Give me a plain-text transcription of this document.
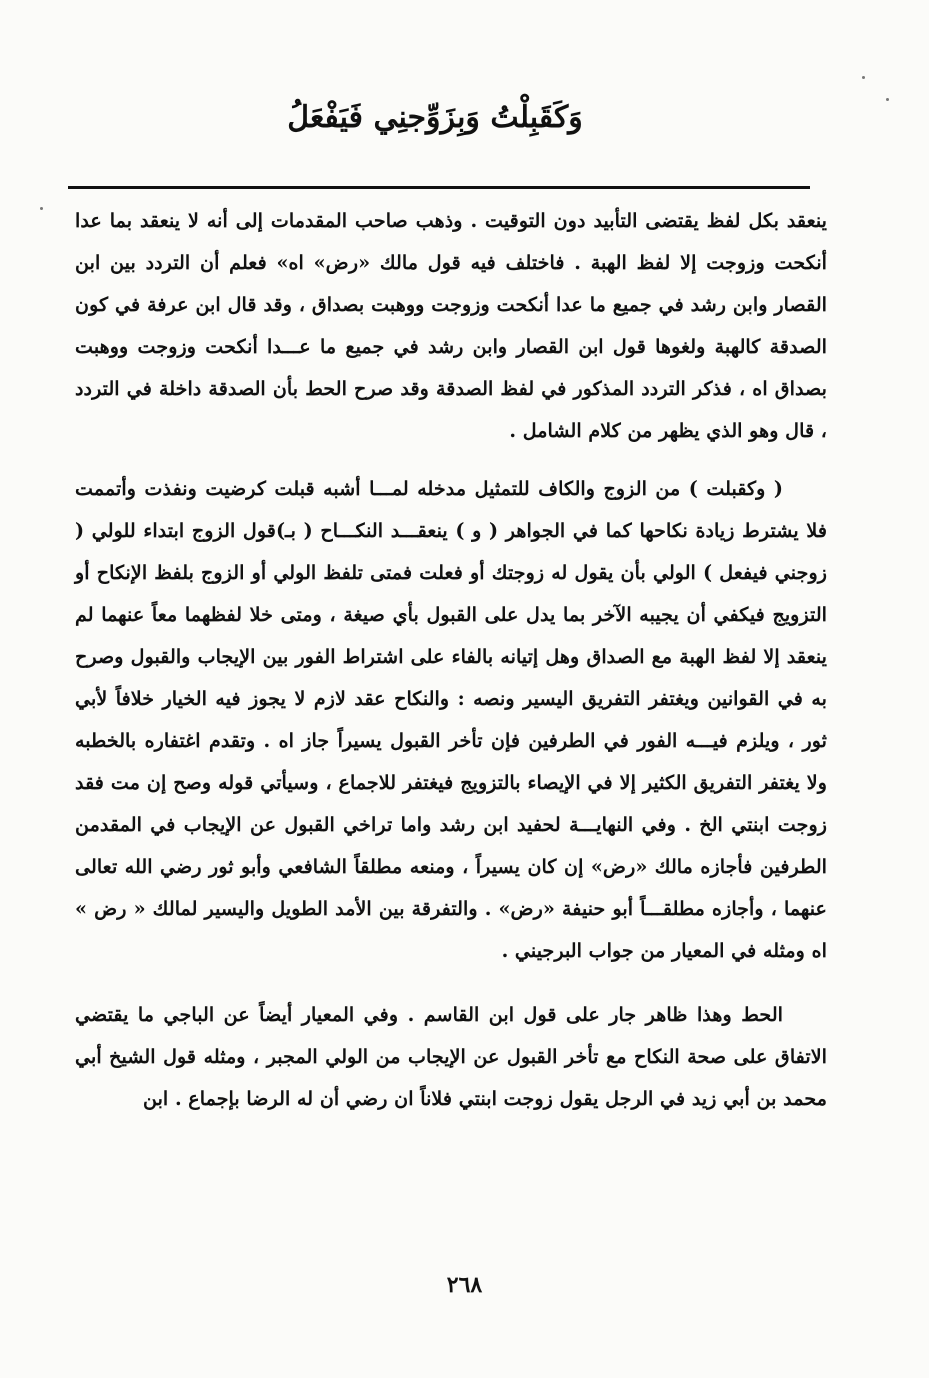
وَكَقَبِلْتُ وَبِزَوِّجنِي فَيَفْعَلُ

ينعقد بكل لفظ يقتضى التأبيد دون التوقيت . وذهب صاحب المقدمات إلى أنه لا ينعقد بما عدا أنكحت وزوجت إلا لفظ الهبة . فاختلف فيه قول مالك «رض» اه» فعلم أن التردد بين ابن القصار وابن رشد في جميع ما عدا أنكحت وزوجت ووهبت بصداق ، وقد قال ابن عرفة في كون الصدقة كالهبة ولغوها قول ابن القصار وابن رشد في جميع ما عـــدا أنكحت وزوجت ووهبت بصداق اه ، فذكر التردد المذكور في لفظ الصدقة وقد صرح الحط بأن الصدقة داخلة في التردد ، قال وهو الذي يظهر من كلام الشامل .

( وكقبلت ) من الزوج والكاف للتمثيل مدخله لمـــا أشبه قبلت كرضيت ونفذت وأتممت فلا يشترط زيادة نكاحها كما في الجواهر ( و ) ينعقـــد النكـــاح ( بـ)قول الزوج ابتداء للولي ( زوجني فيفعل ) الولي بأن يقول له زوجتك أو فعلت فمتى تلفظ الولي أو الزوج بلفظ الإنكاح أو التزويج فيكفي أن يجيبه الآخر بما يدل على القبول بأي صيغة ، ومتى خلا لفظهما معاً عنهما لم ينعقد إلا لفظ الهبة مع الصداق وهل إتيانه بالفاء على اشتراط الفور بين الإيجاب والقبول وصرح به في القوانين ويغتفر التفريق اليسير ونصه : والنكاح عقد لازم لا يجوز فيه الخيار خلافاً لأبي ثور ، ويلزم فيـــه الفور في الطرفين فإن تأخر القبول يسيراً جاز اه . وتقدم اغتفاره بالخطبه ولا يغتفر التفريق الكثير إلا في الإيصاء بالتزويج فيغتفر للاجماع ، وسيأتي قوله وصح إن مت فقد زوجت ابنتي الخ . وفي النهايـــة لحفيد ابن رشد واما تراخي القبول عن الإيجاب في المقدمن الطرفين فأجازه مالك «رض» إن كان يسيراً ، ومنعه مطلقاً الشافعي وأبو ثور رضي الله تعالى عنهما ، وأجازه مطلقـــاً أبو حنيفة «رض» . والتفرقة بين الأمد الطويل واليسير لمالك « رض » اه ومثله في المعيار من جواب البرجيني .

الحط وهذا ظاهر جار على قول ابن القاسم . وفي المعيار أيضاً عن الباجي ما يقتضي الاتفاق على صحة النكاح مع تأخر القبول عن الإيجاب من الولي المجبر ، ومثله قول الشيخ أبي محمد بن أبي زيد في الرجل يقول زوجت ابنتي فلاناً ان رضي أن له الرضا بإجماع . ابن

٢٦٨
